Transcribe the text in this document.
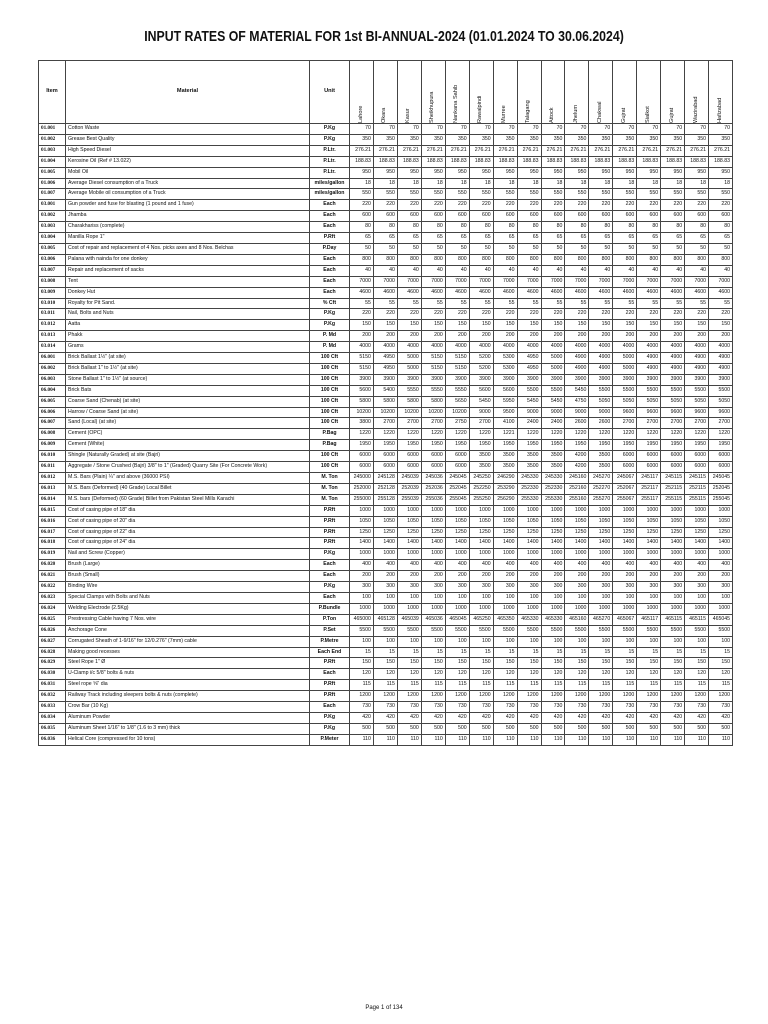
INPUT RATES OF MATERIAL FOR 1st BI-ANNUAL-2024 (01.01.2024 TO 30.06.2024)
Item	Material	Unit	Lahore	Okara	Kasur	Sheikhupura	Nankana Sahib	Rawalpindi	Murree	Talagang	Attock	Jhelum	Chakwal	Gujrat	Sialkot	Gujrat	Wazirabad	Hafizabad

01.001	Cotton Waste	P.Kg	70	70	70	70	70	70	70	70	70	70	70	70	70	70	70	70
01.002	Grease Best Quality	P.Kg	350	350	350	350	350	350	350	350	350	350	350	350	350	350	350	350
01.003	High Speed Diesel	P.Ltr.	276.21	276.21	276.21	276.21	276.21	276.21	276.21	276.21	276.21	276.21	276.21	276.21	276.21	276.21	276.21	276.21
01.004	Kerosine Oil (Ref # 13.022)	P.Ltr.	188.83	188.83	188.83	188.83	188.83	188.83	188.83	188.83	188.83	188.83	188.83	188.83	188.83	188.83	188.83	188.83
01.005	Mobil Oil	P.Ltr.	950	950	950	950	950	950	950	950	950	950	950	950	950	950	950	950
01.006	Average Diesel consumption of a Truck	miles/gallon	18	18	18	18	18	18	18	18	18	18	18	18	18	18	18	18
01.007	Average Mobile oil consumption of a Truck	miles/gallon	550	550	550	550	550	550	550	550	550	550	550	550	550	550	550	550
03.001	Gun powder and fuse for blasting (1 pound and 1 fuse)	Each	220	220	220	220	220	220	220	220	220	220	220	220	220	220	220	220
03.002	Jhamba	Each	600	600	600	600	600	600	600	600	600	600	600	600	600	600	600	600
03.003	Charakhariss (complete)	Each	80	80	80	80	80	80	80	80	80	80	80	80	80	80	80	80
03.004	Manilla Rope 1"	P.Rft	65	65	65	65	65	65	65	65	65	65	65	65	65	65	65	65
03.005	Cost of repair and replacement of 4 Nos. picks axes and 8 Nos. Belchas	P.Day	50	50	50	50	50	50	50	50	50	50	50	50	50	50	50	50
03.006	Palana with nainda for one donkey	Each	800	800	800	800	800	800	800	800	800	800	800	800	800	800	800	800
03.007	Repair and replacement of sacks	Each	40	40	40	40	40	40	40	40	40	40	40	40	40	40	40	40
03.008	Tent	Each	7000	7000	7000	7000	7000	7000	7000	7000	7000	7000	7000	7000	7000	7000	7000	7000
03.009	Donkey Hut	Each	4600	4600	4600	4600	4600	4600	4600	4600	4600	4600	4600	4600	4600	4600	4600	4600
03.010	Royalty for Pit Sand.	% Cft	55	55	55	55	55	55	55	55	55	55	55	55	55	55	55	55
03.011	Nail, Bolts and Nuts	P.Kg	220	220	220	220	220	220	220	220	220	220	220	220	220	220	220	220
03.012	Aatta	P.Kg	150	150	150	150	150	150	150	150	150	150	150	150	150	150	150	150
03.013	Phakk	P. Md	200	200	200	200	200	200	200	200	200	200	200	200	200	200	200	200
03.014	Grams	P. Md	4000	4000	4000	4000	4000	4000	4000	4000	4000	4000	4000	4000	4000	4000	4000	4000
06.001	Brick Ballast 1½" (at site)	100 Cft	5150	4950	5000	5150	5150	5200	5300	4950	5000	4900	4900	5000	4900	4900	4900	4900
06.002	Brick Ballast 1" to 1½" (at site)	100 Cft	5150	4950	5000	5150	5150	5200	5300	4950	5000	4900	4900	5000	4900	4900	4900	4900
06.003	Stone Ballast 1" to 1½" (at source)	100 Cft	3900	3900	3900	3900	3900	3900	3900	3900	3900	3900	3900	3900	3900	3900	3900	3900
06.004	Brick Bats	100 Cft	5600	5400	5550	5550	5550	5600	5600	5500	5500	5450	5500	5500	5500	5500	5500	5500
06.005	Coarse Sand (Chenab) (at site)	100 Cft	5800	5800	5800	5800	5650	5450	5950	5450	5450	4750	5050	5050	5050	5050	5050	5050
06.006	Harrow / Coarse Sand (at site)	100 Cft	10200	10200	10200	10200	10200	9000	9500	9000	9000	9000	9000	9600	9600	9600	9600	9600
06.007	Sand (Local) (at site)	100 Cft	3800	2700	2700	2700	2750	2700	4100	2400	2400	2600	2600	2700	2700	2700	2700	2700
06.008	Cement (OPC)	P.Bag	1220	1220	1220	1220	1220	1220	1221	1220	1220	1220	1220	1220	1220	1220	1220	1220
06.009	Cement (White)	P.Bag	1950	1950	1950	1950	1950	1950	1950	1950	1950	1950	1950	1950	1950	1950	1950	1950
06.010	Shingle (Naturally Graded) at site (Bajri)	100 Cft	6000	6000	6000	6000	6000	3500	3500	3500	3500	4200	3500	6000	6000	6000	6000	6000
06.011	Aggregate / Stone Crushed (Bajri) 3/8" to 1" (Graded) Quarry Site (For Concrete Work)	100 Cft	6000	6000	6000	6000	6000	3500	3500	3500	3500	4200	3500	6000	6000	6000	6000	6000
06.012	M.S. Bars (Plain) ¼" and above (36000 PSI)	M. Ton	245000	245128	245039	245036	245045	245250	246290	245330	245330	245160	245270	245067	245117	245115	245115	245045
06.013	M.S. Bars (Deformed) (40 Grade) Local Billet	M. Ton	252000	252128	252039	252036	252045	252250	253290	252330	252330	252160	252270	252067	252117	252115	252115	252045
06.014	M.S. bars (Deformed) (60 Grade) Billet from Pakistan Steel Mills Karachi	M. Ton	255000	255128	255039	255036	255045	255250	256290	255330	255330	255160	255270	255067	255117	255115	255115	255045
06.015	Cost of casing pipe of 18" dia	P.Rft	1000	1000	1000	1000	1000	1000	1000	1000	1000	1000	1000	1000	1000	1000	1000	1000
06.016	Cost of casing pipe of 20" dia	P.Rft	1050	1050	1050	1050	1050	1050	1050	1050	1050	1050	1050	1050	1050	1050	1050	1050
06.017	Cost of casing pipe of 22" dia	P.Rft	1250	1250	1250	1250	1250	1250	1250	1250	1250	1250	1250	1250	1250	1250	1250	1250
06.018	Cost of casing pipe of 24" dia	P.Rft	1400	1400	1400	1400	1400	1400	1400	1400	1400	1400	1400	1400	1400	1400	1400	1400
06.019	Nail and Screw (Copper)	P.Kg	1000	1000	1000	1000	1000	1000	1000	1000	1000	1000	1000	1000	1000	1000	1000	1000
06.020	Brush (Large)	Each	400	400	400	400	400	400	400	400	400	400	400	400	400	400	400	400
06.021	Brush (Small)	Each	200	200	200	200	200	200	200	200	200	200	200	200	200	200	200	200
06.022	Binding Wire	P.Kg	300	300	300	300	300	300	300	300	300	300	300	300	300	300	300	300
06.023	Special Clamps with Bolts and Nuts	Each	100	100	100	100	100	100	100	100	100	100	100	100	100	100	100	100
06.024	Welding Electrode (2.5Kg)	P.Bundle	1000	1000	1000	1000	1000	1000	1000	1000	1000	1000	1000	1000	1000	1000	1000	1000
06.025	Prestressing Cable having 7 Nos. wire	P.Ton	465000	465128	465039	465036	465045	465250	465350	465330	465330	465160	465270	465067	465117	465115	465115	465045
06.026	Anchorage Cone	P.Set	5500	5500	5500	5500	5500	5500	5500	5500	5500	5500	5500	5500	5500	5500	5500	5500
06.027	Corrugated Sheath of 1-9/16" for 12/0.276" (7mm) cable	P.Metre	100	100	100	100	100	100	100	100	100	100	100	100	100	100	100	100
06.028	Making good recesses	Each End	15	15	15	15	15	15	15	15	15	15	15	15	15	15	15	15
06.029	Steel Rope 1" Ø	P.Rft	150	150	150	150	150	150	150	150	150	150	150	150	150	150	150	150
06.030	U-Clamp i/c 5/8" bolts & nuts	Each	120	120	120	120	120	120	120	120	120	120	120	120	120	120	120	120
06.031	Steel rope ⅝" dia	P.Rft	115	115	115	115	115	115	115	115	115	115	115	115	115	115	115	115
06.032	Railway Track including sleepers bolts & nuts (complete)	P.Rft	1200	1200	1200	1200	1200	1200	1200	1200	1200	1200	1200	1200	1200	1200	1200	1200
06.033	Crow Bar (10 Kg)	Each	730	730	730	730	730	730	730	730	730	730	730	730	730	730	730	730
06.034	Aluminum Powder	P.Kg	420	420	420	420	420	420	420	420	420	420	420	420	420	420	420	420
06.035	Aluminum Sheet 1/16" to 1/8" (1.6 to 3 mm) thick	P.Kg	500	500	500	500	500	500	500	500	500	500	500	500	500	500	500	500
06.036	Helical Core (compressed for 10 tons)	P.Meter	110	110	110	110	110	110	110	110	110	110	110	110	110	110	110	110
Page 1 of 134
